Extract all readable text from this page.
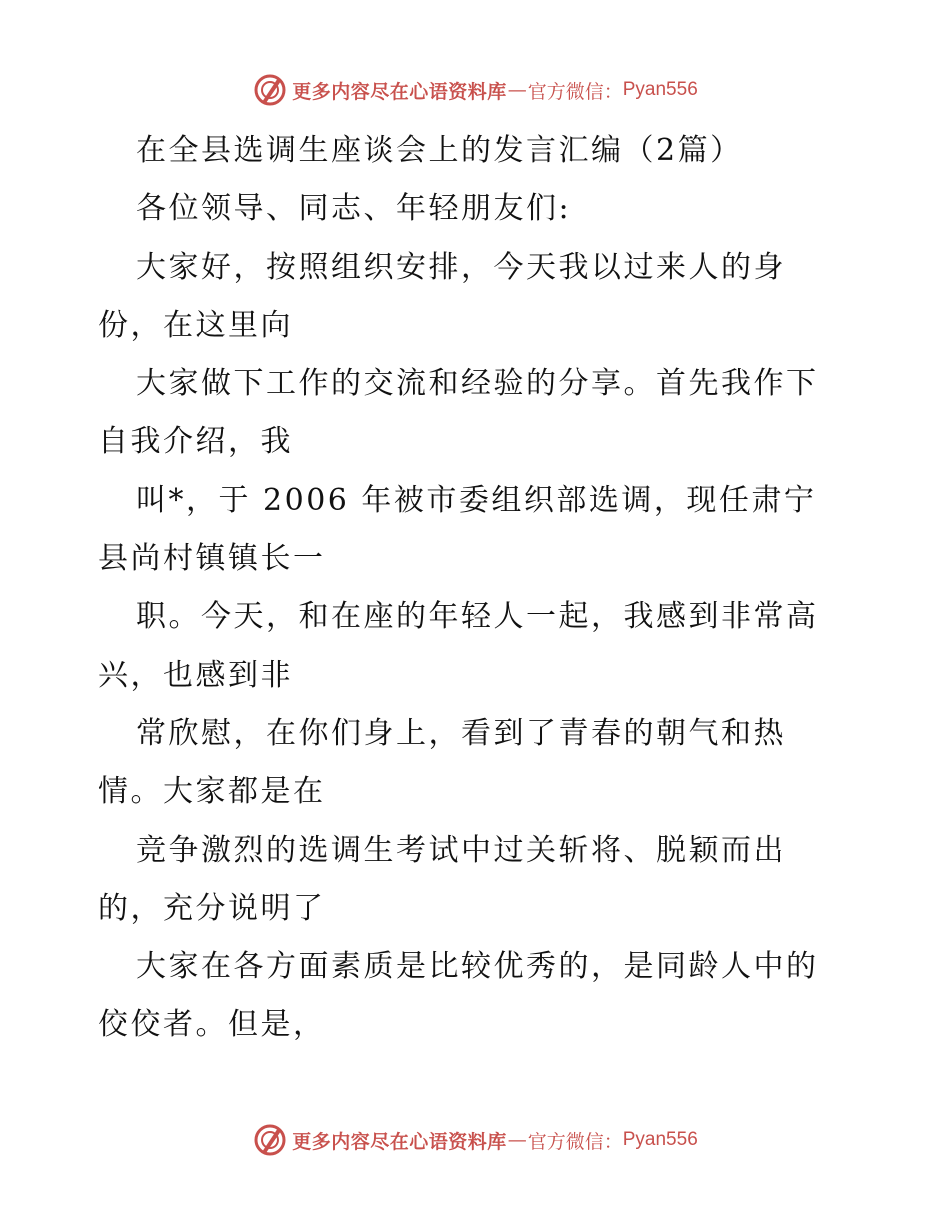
更多内容尽在心语资料库 — 官方微信： Pyan556
在全县选调生座谈会上的发言汇编（2篇）
各位领导、同志、年轻朋友们:
大家好，按照组织安排，今天我以过来人的身
份，在这里向
大家做下工作的交流和经验的分享。首先我作下
自我介绍，我
叫*，于 2006 年被市委组织部选调，现任肃宁
县尚村镇镇长一
职。今天，和在座的年轻人一起，我感到非常高
兴，也感到非
常欣慰，在你们身上，看到了青春的朝气和热
情。大家都是在
竞争激烈的选调生考试中过关斩将、脱颖而出
的，充分说明了
大家在各方面素质是比较优秀的，是同龄人中的
佼佼者。但是，
更多内容尽在心语资料库 — 官方微信： Pyan556
